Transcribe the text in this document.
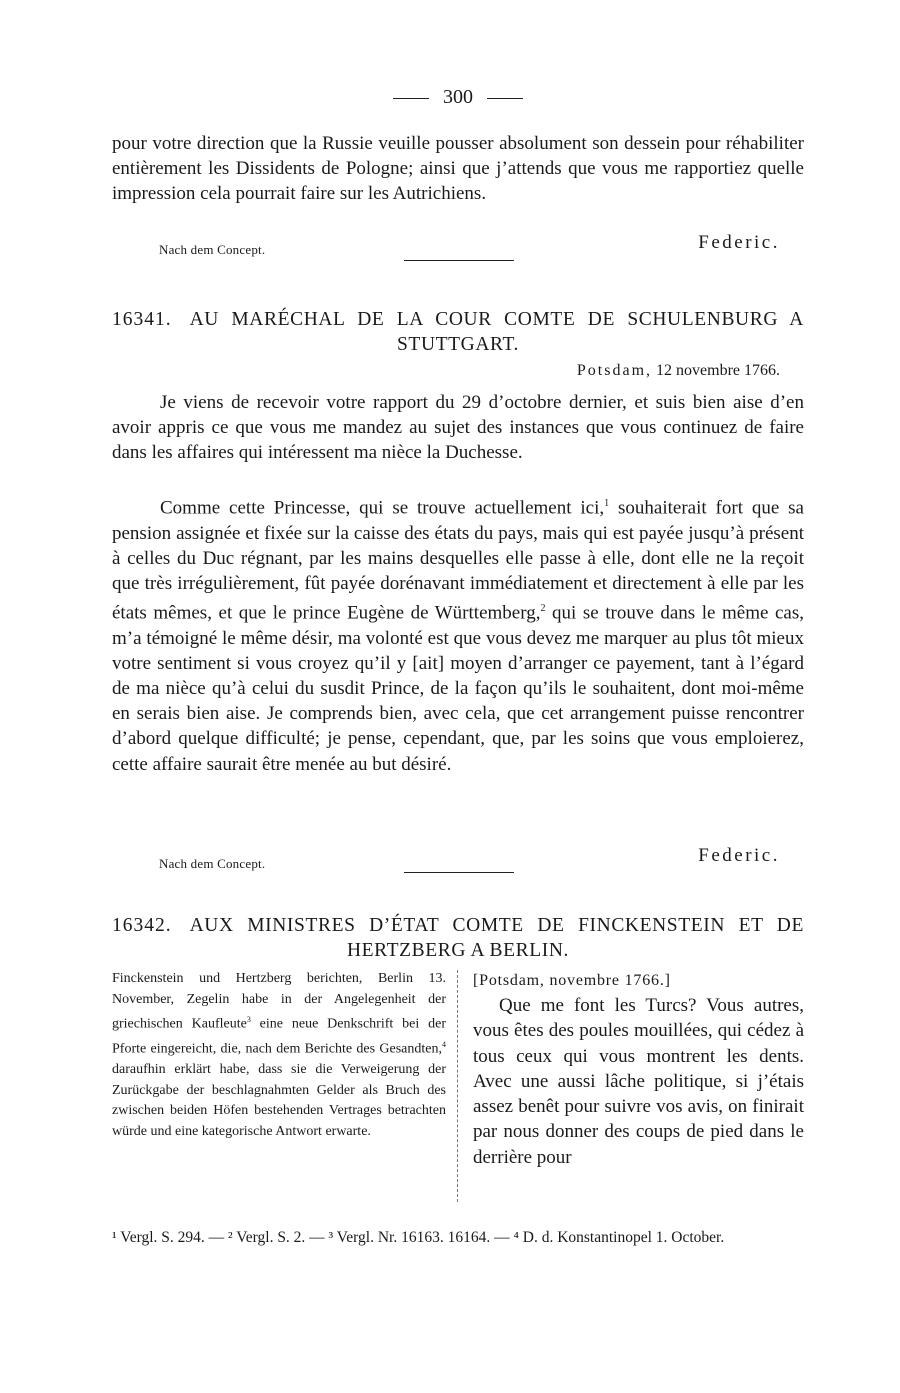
300

pour votre direction que la Russie veuille pousser absolument son dessein pour réhabiliter entièrement les Dissidents de Pologne; ainsi que j’attends que vous me rapportiez quelle impression cela pourrait faire sur les Autrichiens.

Nach dem Concept.	Federic.
16341. AU MARÉCHAL DE LA COUR COMTE DE SCHULENBURG A STUTTGART.
Potsdam, 12 novembre 1766.

Je viens de recevoir votre rapport du 29 d’octobre dernier, et suis bien aise d’en avoir appris ce que vous me mandez au sujet des instances que vous continuez de faire dans les affaires qui intéressent ma nièce la Duchesse.

Comme cette Princesse, qui se trouve actuellement ici,$^1$ souhaiterait fort que sa pension assignée et fixée sur la caisse des états du pays, mais qui est payée jusqu’à présent à celles du Duc régnant, par les mains desquelles elle passe à elle, dont elle ne la reçoit que très irrégulièrement, fût payée dorénavant immédiatement et directement à elle par les états mêmes, et que le prince Eugène de Württemberg,$^2$ qui se trouve dans le même cas, m’a témoigné le même désir, ma volonté est que vous devez me marquer au plus tôt mieux votre sentiment si vous croyez qu’il y [ait] moyen d’arranger ce payement, tant à l’égard de ma nièce qu’à celui du susdit Prince, de la façon qu’ils le souhaitent, dont moi-même en serais bien aise. Je comprends bien, avec cela, que cet arrangement puisse rencontrer d’abord quelque difficulté; je pense, cependant, que, par les soins que vous emploierez, cette affaire saurait être menée au but désiré.

Nach dem Concept.	Federic.
16342. AUX MINISTRES D’ÉTAT COMTE DE FINCKENSTEIN ET DE HERTZBERG A BERLIN.

Finckenstein und Hertzberg berichten, Berlin 13. November, Zegelin habe in der Angelegenheit der griechischen Kaufleute$^3$ eine neue Denkschrift bei der Pforte eingereicht, die, nach dem Berichte des Gesandten,$^4$ daraufhin erklärt habe, dass sie die Verweigerung der Zurückgabe der beschlagnahmten Gelder als Bruch des zwischen beiden Höfen bestehenden Vertrages betrachten würde und eine kategorische Antwort erwarte.

[Potsdam, novembre 1766.]
Que me font les Turcs? Vous autres, vous êtes des poules mouillées, qui cédez à tous ceux qui vous montrent les dents. Avec une aussi lâche politique, si j’étais assez benêt pour suivre vos avis, on finirait par nous donner des coups de pied dans le derrière pour

¹ Vergl. S. 294. — ² Vergl. S. 2. — ³ Vergl. Nr. 16163. 16164. — ⁴ D. d. Konstantinopel 1. October.
